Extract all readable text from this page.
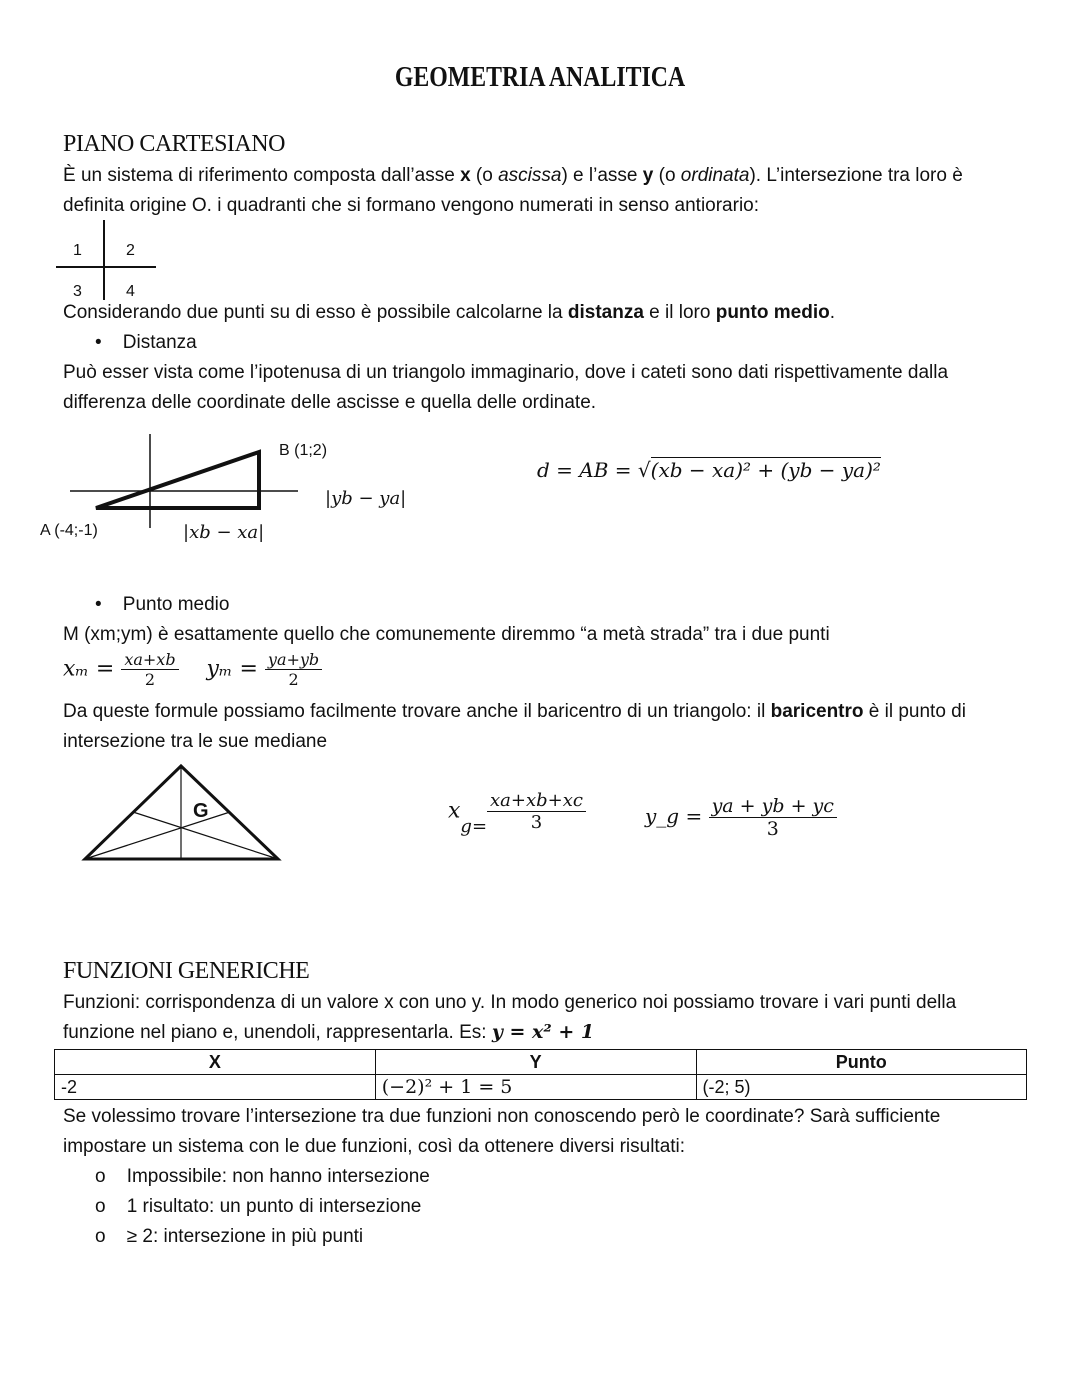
GEOMETRIA ANALITICA
PIANO CARTESIANO
È un sistema di riferimento composta dall’asse x (o ascissa) e l’asse y (o ordinata). L’intersezione tra loro è
definita origine O. i quadranti che si formano vengono numerati in senso antiorario:
1	2
3	4
Considerando due punti su di esso è possibile calcolarne la distanza e il loro punto medio.
•    Distanza
Può esser vista come l’ipotenusa di un triangolo immaginario, dove i cateti sono dati rispettivamente dalla
differenza delle coordinate delle ascisse e quella delle ordinate.
B (1;2)
|yb − ya|
A (-4;-1)	|xb − xa|
d = AB = √(xb − xa)² + (yb − ya)²
•    Punto medio
M (xm;ym) è esattamente quello che comunemente diremmo “a metà strada” tra i due punti
$x_m = \frac{xa+xb}{2}$ $y_m = \frac{ya+yb}{2}$
Da queste formule possiamo facilmente trovare anche il baricentro di un triangolo: il baricentro è il punto di
intersezione tra le sue mediane
G	$x_{g=} \frac{xa+xb+xc}{3}$	y_g = $\frac{ya + yb + yc}{3}$
FUNZIONI GENERICHE
Funzioni: corrispondenza di un valore x con uno y. In modo generico noi possiamo trovare i vari punti della
funzione nel piano e, unendoli, rappresentarla. Es: y = x² + 1
X	Y	Punto
-2	(−2)² + 1 = 5	(-2; 5)
Se volessimo trovare l’intersezione tra due funzioni non conoscendo però le coordinate? Sarà sufficiente
impostare un sistema con le due funzioni, così da ottenere diversi risultati:
o    Impossibile: non hanno intersezione
o    1 risultato: un punto di intersezione
o    ≥ 2: intersezione in più punti
